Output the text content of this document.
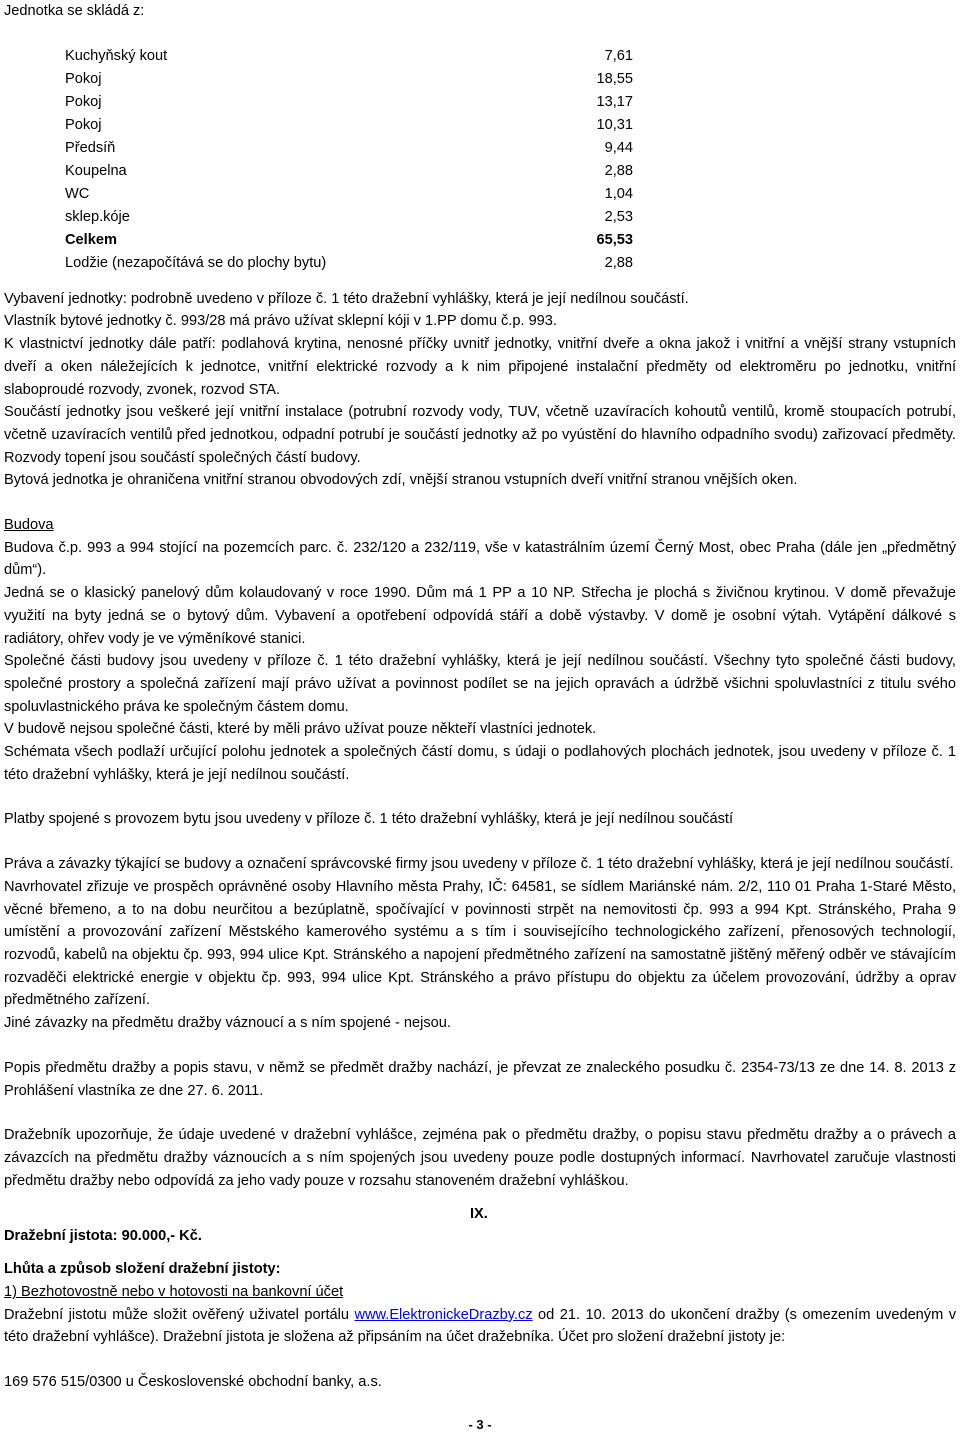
Jednotka se skládá z:

Kuchyňský kout	7,61
Pokoj	18,55
Pokoj	13,17
Pokoj	10,31
Předsíň	9,44
Koupelna	2,88
WC	1,04
sklep.kóje	2,53
Celkem	65,53
Lodžie (nezapočítává se do plochy bytu)	2,88

Vybavení jednotky: podrobně uvedeno v příloze č. 1 této dražební vyhlášky, která je její nedílnou součástí.

Vlastník bytové jednotky č. 993/28 má právo užívat sklepní kóji v 1.PP domu č.p. 993.

K vlastnictví jednotky dále patří: podlahová krytina, nenosné příčky uvnitř jednotky, vnitřní dveře a okna jakož i vnitřní a vnější strany vstupních dveří a oken náležejících k jednotce, vnitřní elektrické rozvody a k nim připojené instalační předměty od elektroměru po jednotku, vnitřní slaboproudé rozvody, zvonek, rozvod STA.

Součástí jednotky jsou veškeré její vnitřní instalace (potrubní rozvody vody, TUV, včetně uzavíracích kohoutů ventilů, kromě stoupacích potrubí, včetně uzavíracích ventilů před jednotkou, odpadní potrubí je součástí jednotky až po vyústění do hlavního odpadního svodu) zařizovací předměty. Rozvody topení jsou součástí společných částí budovy.

Bytová jednotka je ohraničena vnitřní stranou obvodových zdí, vnější stranou vstupních dveří vnitřní stranou vnějších oken.

Budova

Budova č.p. 993 a 994 stojící na pozemcích parc. č. 232/120 a 232/119, vše v katastrálním území Černý Most, obec Praha (dále jen „předmětný dům“).

Jedná se o klasický panelový dům kolaudovaný v roce 1990. Dům má 1 PP a 10 NP. Střecha je plochá s živičnou krytinou. V domě převažuje využití na byty jedná se o bytový dům. Vybavení a opotřebení odpovídá stáří a době výstavby. V domě je osobní výtah. Vytápění dálkové s radiátory, ohřev vody je ve výměníkové stanici.

Společné části budovy jsou uvedeny v příloze č. 1 této dražební vyhlášky, která je její nedílnou součástí. Všechny tyto společné části budovy, společné prostory a společná zařízení mají právo užívat a povinnost podílet se na jejich opravách a údržbě všichni spoluvlastníci z titulu svého spoluvlastnického práva ke společným částem domu.

V budově nejsou společné části, které by měli právo užívat pouze někteří vlastníci jednotek.

Schémata všech podlaží určující polohu jednotek a společných částí domu, s údaji o podlahových plochách jednotek, jsou uvedeny v příloze č. 1 této dražební vyhlášky, která je její nedílnou součástí.

Platby spojené s provozem bytu jsou uvedeny v příloze č. 1 této dražební vyhlášky, která je její nedílnou součástí

Práva a závazky týkající se budovy a označení správcovské firmy jsou uvedeny v příloze č. 1 této dražební vyhlášky, která je její nedílnou součástí.

Navrhovatel zřizuje ve prospěch oprávněné osoby Hlavního města Prahy, IČ: 64581, se sídlem Mariánské nám. 2/2, 110 01 Praha 1-Staré Město, věcné břemeno, a to na dobu neurčitou a bezúplatně, spočívající v povinnosti strpět na nemovitosti čp. 993 a 994 Kpt. Stránského, Praha 9 umístění a provozování zařízení Městského kamerového systému a s tím i souvisejícího technologického zařízení, přenosových technologií, rozvodů, kabelů na objektu čp. 993, 994 ulice Kpt. Stránského a napojení předmětného zařízení na samostatně jištěný měřený odběr ve stávajícím rozvaděči elektrické energie v objektu čp. 993, 994 ulice Kpt. Stránského a právo přístupu do objektu za účelem provozování, údržby a oprav předmětného zařízení.

Jiné závazky na předmětu dražby váznoucí a s ním spojené - nejsou.

Popis předmětu dražby a popis stavu, v němž se předmět dražby nachází, je převzat ze znaleckého posudku č. 2354-73/13 ze dne 14. 8. 2013 z Prohlášení vlastníka ze dne 27. 6. 2011.

Dražebník upozorňuje, že údaje uvedené v dražební vyhlášce, zejména pak o předmětu dražby, o popisu stavu předmětu dražby a o právech a závazcích na předmětu dražby váznoucích a s ním spojených jsou uvedeny pouze podle dostupných informací. Navrhovatel zaručuje vlastnosti předmětu dražby nebo odpovídá za jeho vady pouze v rozsahu stanoveném dražební vyhláškou.

IX.
Dražební jistota: 90.000,- Kč.

Lhůta a způsob složení dražební jistoty:

1) Bezhotovostně nebo v hotovosti na bankovní účet

Dražební jistotu může složit ověřený uživatel portálu www.ElektronickeDrazby.cz od 21. 10. 2013 do ukončení dražby (s omezením uvedeným v této dražební vyhlášce). Dražební jistota je složena až připsáním na účet dražebníka. Účet pro složení dražební jistoty je:

169 576 515/0300 u Československé obchodní banky, a.s.

- 3 -
